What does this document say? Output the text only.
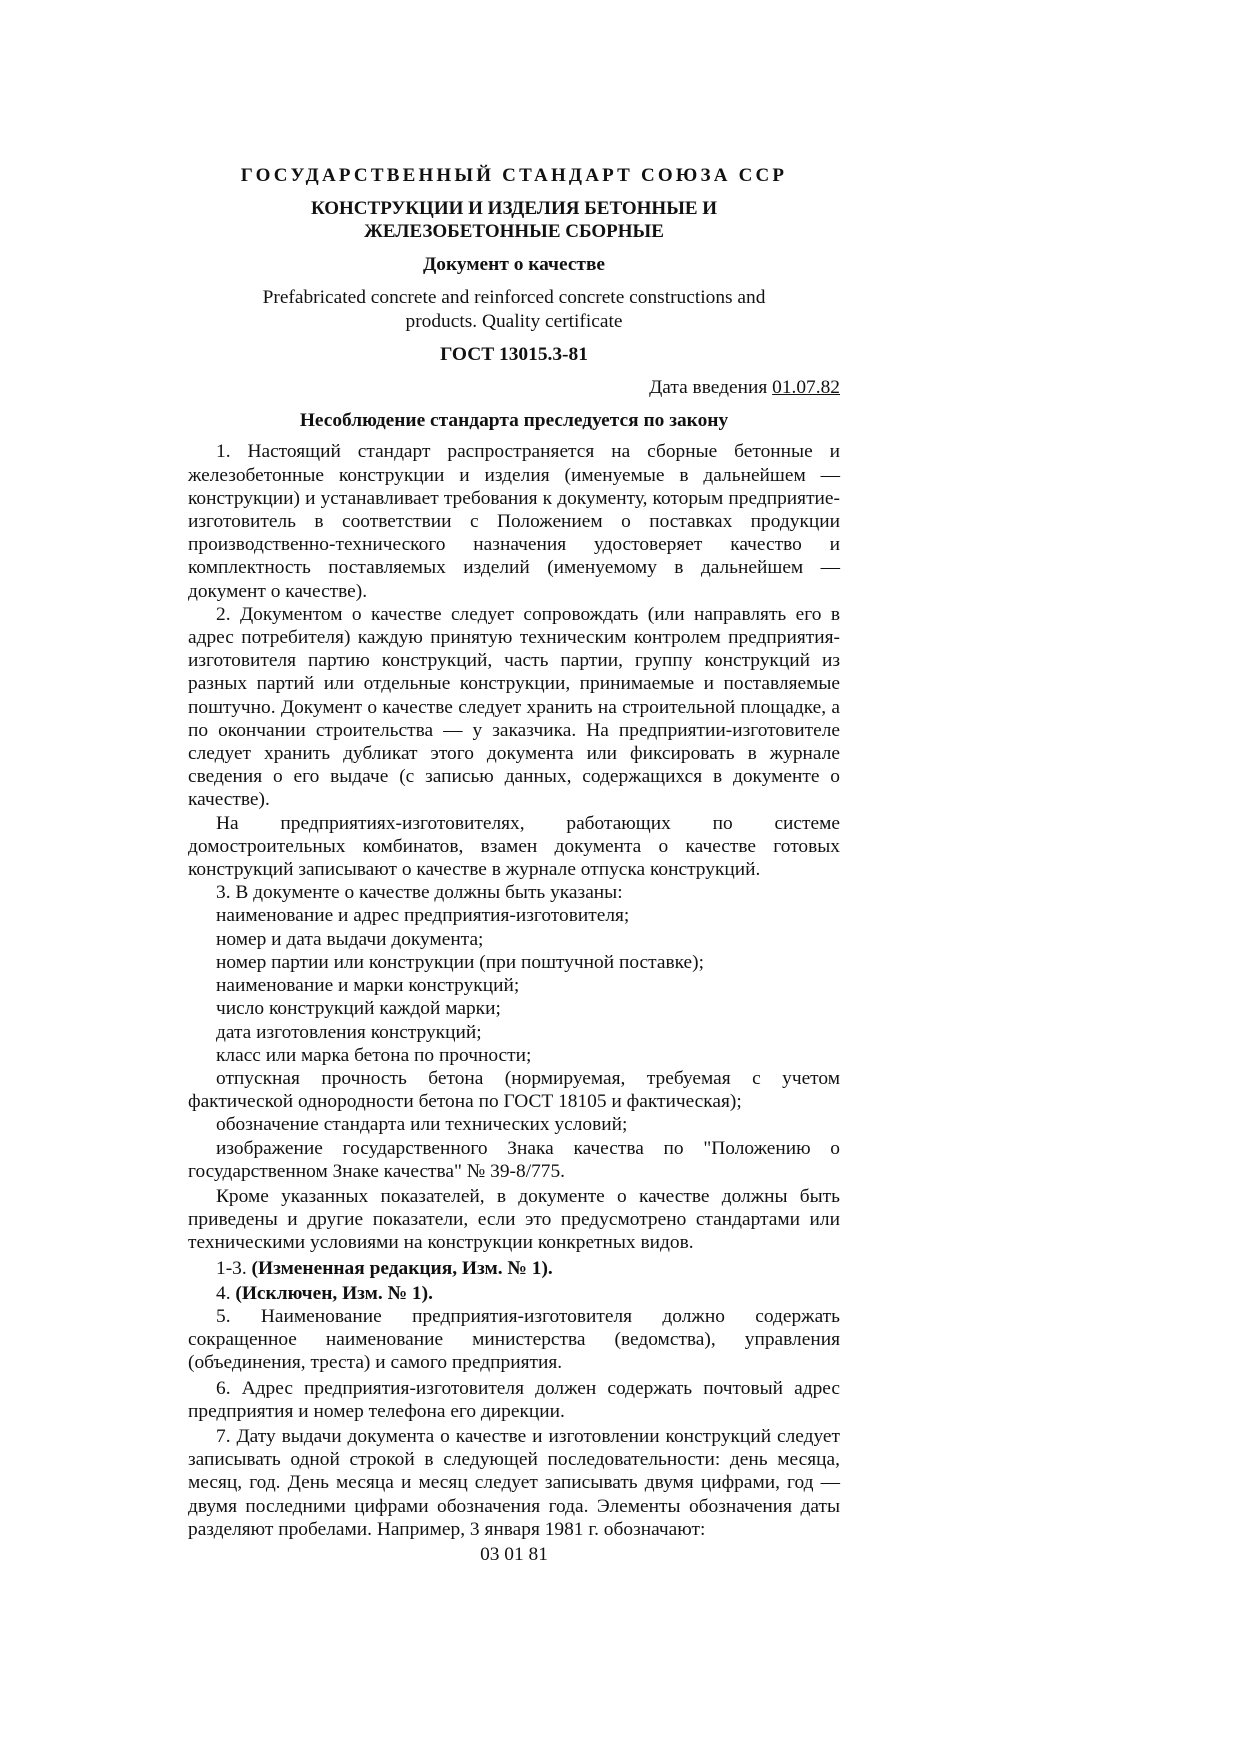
ГОСУДАРСТВЕННЫЙ СТАНДАРТ СОЮЗА ССР
КОНСТРУКЦИИ И ИЗДЕЛИЯ БЕТОННЫЕ И
ЖЕЛЕЗОБЕТОННЫЕ СБОРНЫЕ
Документ о качестве
Prefabricated concrete and reinforced concrete constructions and
products. Quality certificate
ГОСТ 13015.3-81
Дата введения 01.07.82
Несоблюдение стандарта преследуется по закону

1. Настоящий стандарт распространяется на сборные бетонные и железобетонные конструкции и изделия (именуемые в дальнейшем — конструкции) и устанавливает требования к документу, которым предприятие-изготовитель в соответствии с Положением о поставках продукции производственно-технического назначения удостоверяет качество и комплектность поставляемых изделий (именуемому в дальнейшем — документ о качестве).

2. Документом о качестве следует сопровождать (или направлять его в адрес потребителя) каждую принятую техническим контролем предприятия-изготовителя партию конструкций, часть партии, группу конструкций из разных партий или отдельные конструкции, принимаемые и поставляемые поштучно. Документ о качестве следует хранить на строительной площадке, а по окончании строительства — у заказчика. На предприятии-изготовителе следует хранить дубликат этого документа или фиксировать в журнале сведения о его выдаче (с записью данных, содержащихся в документе о качестве).

На предприятиях-изготовителях, работающих по системе домостроительных комбинатов, взамен документа о качестве готовых конструкций записывают о качестве в журнале отпуска конструкций.

3. В документе о качестве должны быть указаны:

наименование и адрес предприятия-изготовителя;

номер и дата выдачи документа;

номер партии или конструкции (при поштучной поставке);

наименование и марки конструкций;

число конструкций каждой марки;

дата изготовления конструкций;

класс или марка бетона по прочности;

отпускная прочность бетона (нормируемая, требуемая с учетом фактической однородности бетона по ГОСТ 18105 и фактическая);

обозначение стандарта или технических условий;

изображение государственного Знака качества по "Положению о государственном Знаке качества" № 39-8/775.

Кроме указанных показателей, в документе о качестве должны быть приведены и другие показатели, если это предусмотрено стандартами или техническими условиями на конструкции конкретных видов.

1-3. (Измененная редакция, Изм. № 1).

4. (Исключен, Изм. № 1).

5. Наименование предприятия-изготовителя должно содержать сокращенное наименование министерства (ведомства), управления (объединения, треста) и самого предприятия.

6. Адрес предприятия-изготовителя должен содержать почтовый адрес предприятия и номер телефона его дирекции.

7. Дату выдачи документа о качестве и изготовлении конструкций следует записывать одной строкой в следующей последовательности: день месяца, месяц, год. День месяца и месяц следует записывать двумя цифрами, год — двумя последними цифрами обозначения года. Элементы обозначения даты разделяют пробелами. Например, 3 января 1981 г. обозначают:

03 01 81
